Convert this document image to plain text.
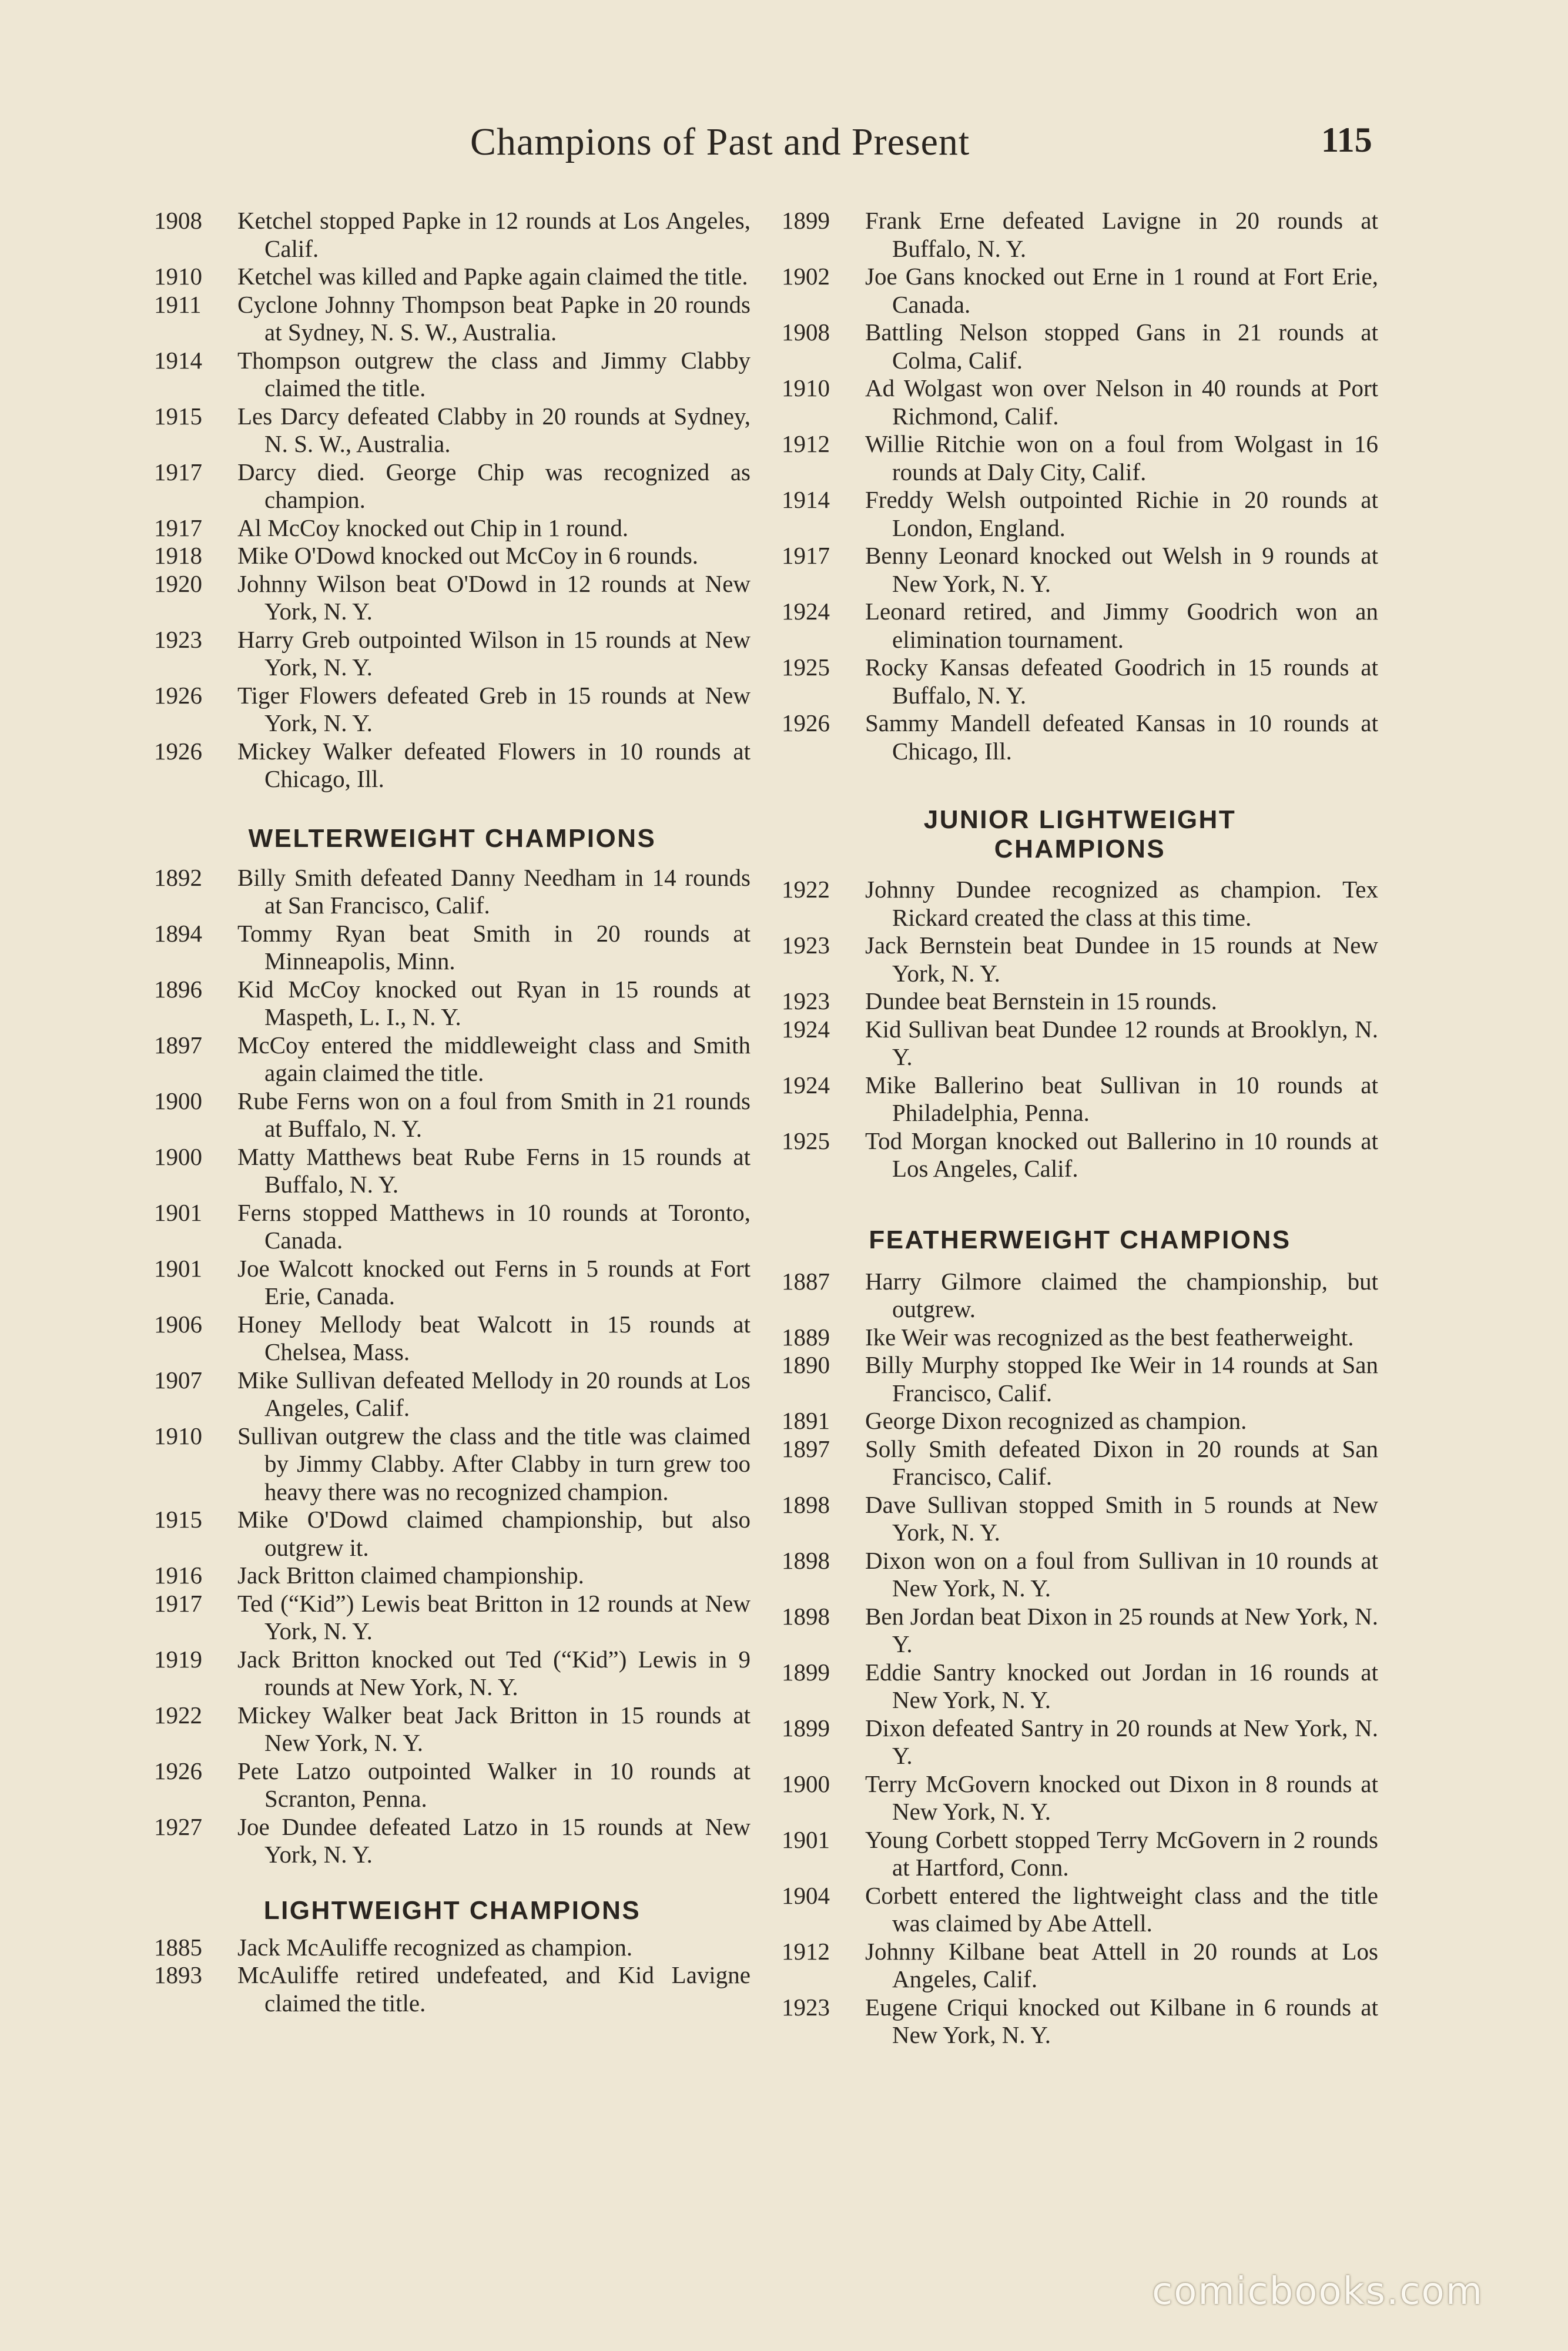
Champions of Past and Present	115
1908	Ketchel stopped Papke in 12 rounds at Los Angeles, Calif.
1910	Ketchel was killed and Papke again claimed the title.
1911	Cyclone Johnny Thompson beat Papke in 20 rounds at Sydney, N. S. W., Australia.
1914	Thompson outgrew the class and Jimmy Clabby claimed the title.
1915	Les Darcy defeated Clabby in 20 rounds at Sydney, N. S. W., Australia.
1917	Darcy died. George Chip was recognized as champion.
1917	Al McCoy knocked out Chip in 1 round.
1918	Mike O'Dowd knocked out McCoy in 6 rounds.
1920	Johnny Wilson beat O'Dowd in 12 rounds at New York, N. Y.
1923	Harry Greb outpointed Wilson in 15 rounds at New York, N. Y.
1926	Tiger Flowers defeated Greb in 15 rounds at New York, N. Y.
1926	Mickey Walker defeated Flowers in 10 rounds at Chicago, Ill.
WELTERWEIGHT CHAMPIONS
1892	Billy Smith defeated Danny Needham in 14 rounds at San Francisco, Calif.
1894	Tommy Ryan beat Smith in 20 rounds at Minneapolis, Minn.
1896	Kid McCoy knocked out Ryan in 15 rounds at Maspeth, L. I., N. Y.
1897	McCoy entered the middleweight class and Smith again claimed the title.
1900	Rube Ferns won on a foul from Smith in 21 rounds at Buffalo, N. Y.
1900	Matty Matthews beat Rube Ferns in 15 rounds at Buffalo, N. Y.
1901	Ferns stopped Matthews in 10 rounds at Toronto, Canada.
1901	Joe Walcott knocked out Ferns in 5 rounds at Fort Erie, Canada.
1906	Honey Mellody beat Walcott in 15 rounds at Chelsea, Mass.
1907	Mike Sullivan defeated Mellody in 20 rounds at Los Angeles, Calif.
1910	Sullivan outgrew the class and the title was claimed by Jimmy Clabby. After Clabby in turn grew too heavy there was no recognized champion.
1915	Mike O'Dowd claimed championship, but also outgrew it.
1916	Jack Britton claimed championship.
1917	Ted (“Kid”) Lewis beat Britton in 12 rounds at New York, N. Y.
1919	Jack Britton knocked out Ted (“Kid”) Lewis in 9 rounds at New York, N. Y.
1922	Mickey Walker beat Jack Britton in 15 rounds at New York, N. Y.
1926	Pete Latzo outpointed Walker in 10 rounds at Scranton, Penna.
1927	Joe Dundee defeated Latzo in 15 rounds at New York, N. Y.
LIGHTWEIGHT CHAMPIONS
1885	Jack McAuliffe recognized as champion.
1893	McAuliffe retired undefeated, and Kid Lavigne claimed the title.
1899	Frank Erne defeated Lavigne in 20 rounds at Buffalo, N. Y.
1902	Joe Gans knocked out Erne in 1 round at Fort Erie, Canada.
1908	Battling Nelson stopped Gans in 21 rounds at Colma, Calif.
1910	Ad Wolgast won over Nelson in 40 rounds at Port Richmond, Calif.
1912	Willie Ritchie won on a foul from Wolgast in 16 rounds at Daly City, Calif.
1914	Freddy Welsh outpointed Richie in 20 rounds at London, England.
1917	Benny Leonard knocked out Welsh in 9 rounds at New York, N. Y.
1924	Leonard retired, and Jimmy Goodrich won an elimination tournament.
1925	Rocky Kansas defeated Goodrich in 15 rounds at Buffalo, N. Y.
1926	Sammy Mandell defeated Kansas in 10 rounds at Chicago, Ill.
JUNIOR LIGHTWEIGHT
CHAMPIONS
1922	Johnny Dundee recognized as champion. Tex Rickard created the class at this time.
1923	Jack Bernstein beat Dundee in 15 rounds at New York, N. Y.
1923	Dundee beat Bernstein in 15 rounds.
1924	Kid Sullivan beat Dundee 12 rounds at Brooklyn, N. Y.
1924	Mike Ballerino beat Sullivan in 10 rounds at Philadelphia, Penna.
1925	Tod Morgan knocked out Ballerino in 10 rounds at Los Angeles, Calif.
FEATHERWEIGHT CHAMPIONS
1887	Harry Gilmore claimed the championship, but outgrew.
1889	Ike Weir was recognized as the best featherweight.
1890	Billy Murphy stopped Ike Weir in 14 rounds at San Francisco, Calif.
1891	George Dixon recognized as champion.
1897	Solly Smith defeated Dixon in 20 rounds at San Francisco, Calif.
1898	Dave Sullivan stopped Smith in 5 rounds at New York, N. Y.
1898	Dixon won on a foul from Sullivan in 10 rounds at New York, N. Y.
1898	Ben Jordan beat Dixon in 25 rounds at New York, N. Y.
1899	Eddie Santry knocked out Jordan in 16 rounds at New York, N. Y.
1899	Dixon defeated Santry in 20 rounds at New York, N. Y.
1900	Terry McGovern knocked out Dixon in 8 rounds at New York, N. Y.
1901	Young Corbett stopped Terry McGovern in 2 rounds at Hartford, Conn.
1904	Corbett entered the lightweight class and the title was claimed by Abe Attell.
1912	Johnny Kilbane beat Attell in 20 rounds at Los Angeles, Calif.
1923	Eugene Criqui knocked out Kilbane in 6 rounds at New York, N. Y.
comicbooks.com
